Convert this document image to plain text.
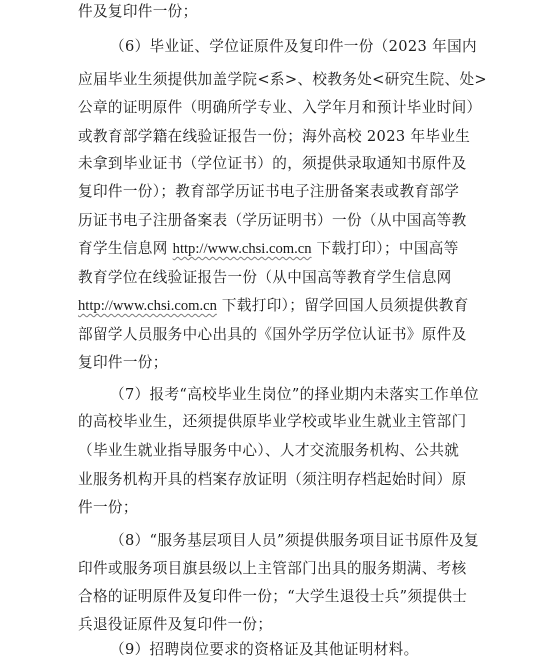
件及复印件一份；
（6）毕业证、学位证原件及复印件一份（2023 年国内
应届毕业生须提供加盖学院<系>、校教务处<研究生院、处>
公章的证明原件（明确所学专业、入学年月和预计毕业时间）
或教育部学籍在线验证报告一份；海外高校 2023 年毕业生
未拿到毕业证书（学位证书）的，须提供录取通知书原件及
复印件一份）；教育部学历证书电子注册备案表或教育部学
历证书电子注册备案表（学历证明书）一份（从中国高等教
育学生信息网 http://www.chsi.com.cn 下载打印）；中国高等
教育学位在线验证报告一份（从中国高等教育学生信息网
http://www.chsi.com.cn 下载打印）；留学回国人员须提供教育
部留学人员服务中心出具的《国外学历学位认证书》原件及
复印件一份；
（7）报考“高校毕业生岗位”的择业期内未落实工作单位
的高校毕业生，还须提供原毕业学校或毕业生就业主管部门
（毕业生就业指导服务中心）、人才交流服务机构、公共就
业服务机构开具的档案存放证明（须注明存档起始时间）原
件一份；
（8）“服务基层项目人员”须提供服务项目证书原件及复
印件或服务项目旗县级以上主管部门出具的服务期满、考核
合格的证明原件及复印件一份；“大学生退役士兵”须提供士
兵退役证原件及复印件一份；
（9）招聘岗位要求的资格证及其他证明材料。
